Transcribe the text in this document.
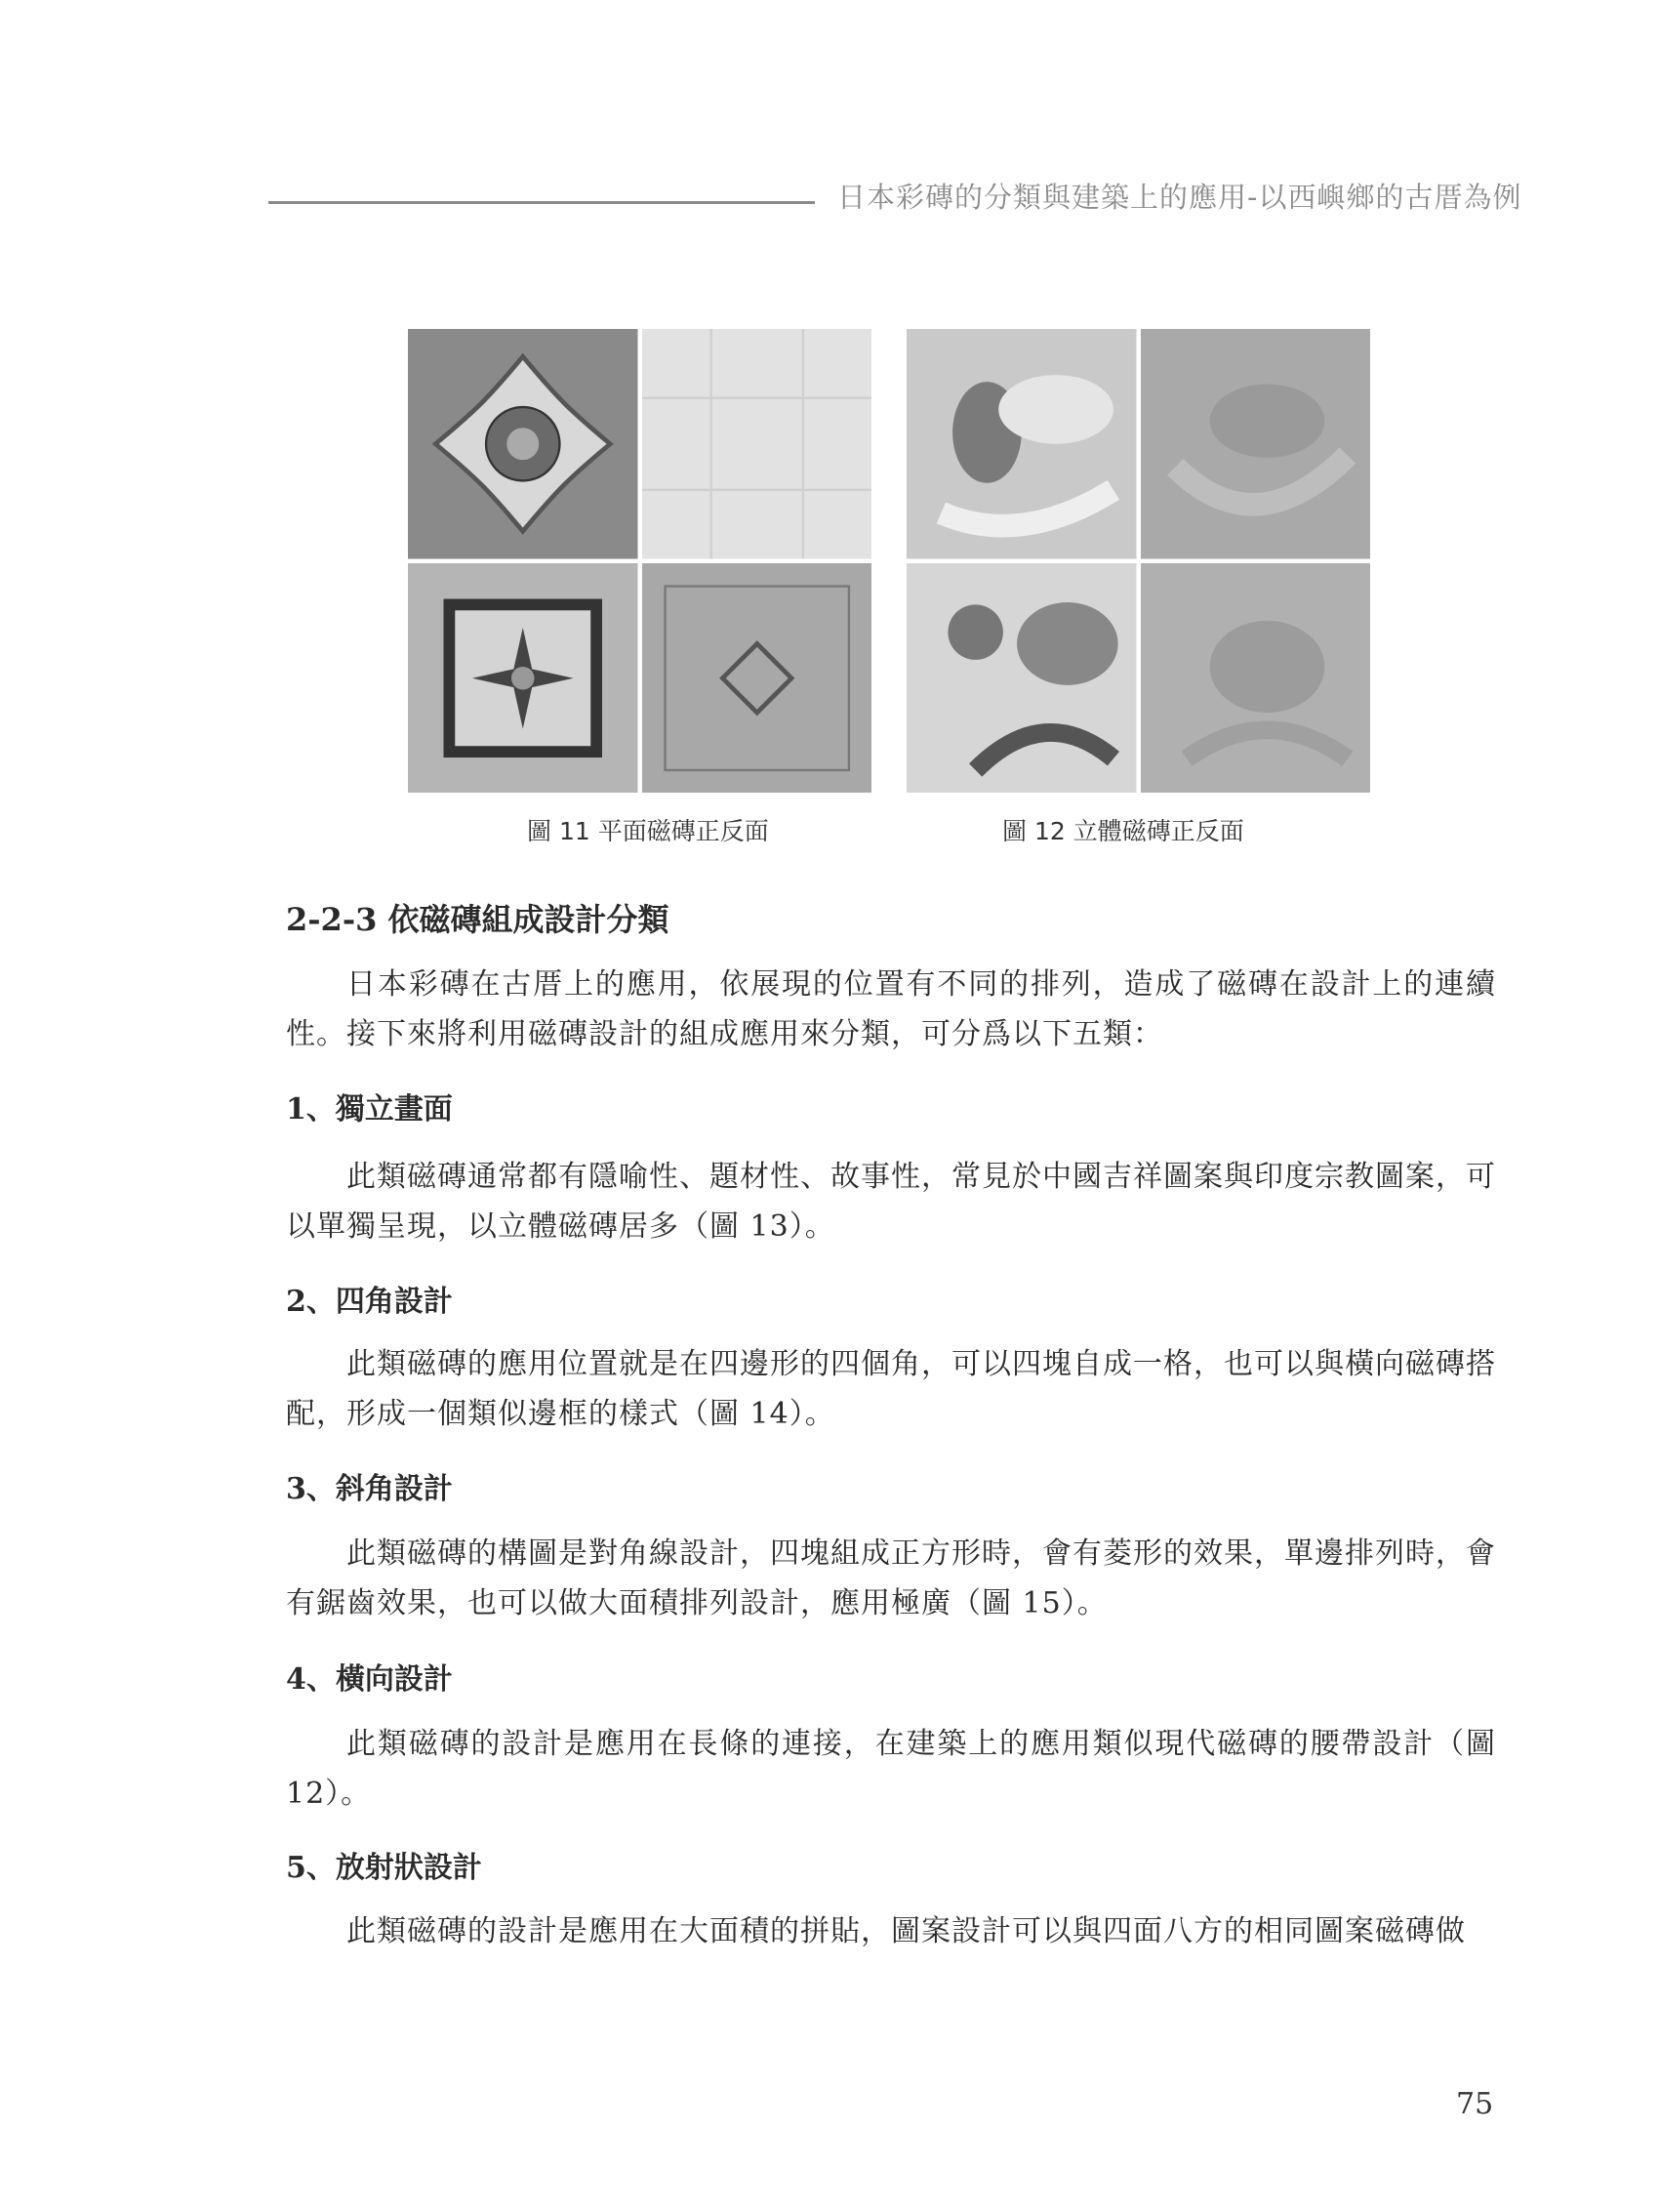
日本彩磚的分類與建築上的應用-以西嶼鄉的古厝為例
圖 11 平面磁磚正反面	圖 12 立體磁磚正反面
2-2-3 依磁磚組成設計分類
日本彩磚在古厝上的應用，依展現的位置有不同的排列，造成了磁磚在設計上的連續性。接下來將利用磁磚設計的組成應用來分類，可分爲以下五類：
1、獨立畫面
此類磁磚通常都有隱喻性、題材性、故事性，常見於中國吉祥圖案與印度宗教圖案，可以單獨呈現，以立體磁磚居多（圖 13）。
2、四角設計
此類磁磚的應用位置就是在四邊形的四個角，可以四塊自成一格，也可以與橫向磁磚搭配，形成一個類似邊框的樣式（圖 14）。
3、斜角設計
此類磁磚的構圖是對角線設計，四塊組成正方形時，會有菱形的效果，單邊排列時，會有鋸齒效果，也可以做大面積排列設計，應用極廣（圖 15）。
4、橫向設計
此類磁磚的設計是應用在長條的連接，在建築上的應用類似現代磁磚的腰帶設計（圖 12）。
5、放射狀設計
此類磁磚的設計是應用在大面積的拼貼，圖案設計可以與四面八方的相同圖案磁磚做
75
